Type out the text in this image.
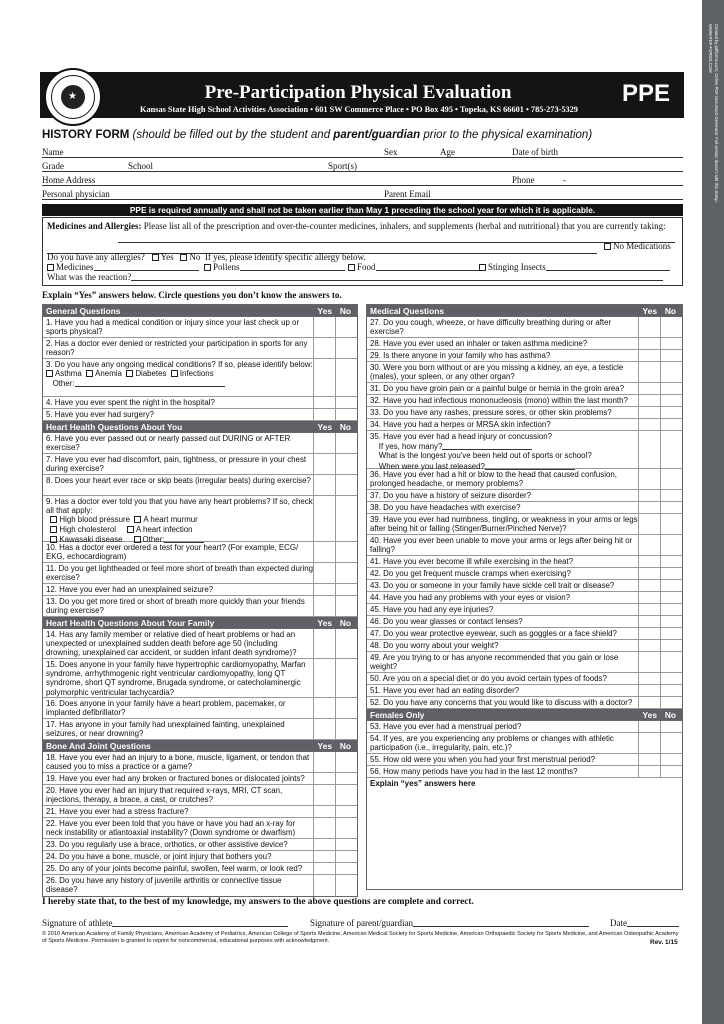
Created by pdfforms.com; Online PDF Document Generator. Full version doesn't add this stamp.
WWW.PDF-FORMS.COM
★	Pre-Participation Physical Evaluation
Kansas State High School Activities Association • 601 SW Commerce Place • PO Box 495 • Topeka, KS 66601 • 785-273-5329
PPE
HISTORY FORM (should be filled out by the student and parent/guardian prior to the physical examination)
Name	Sex	Age	Date of birth
Grade	School	Sport(s)
Home Address	Phone	-
Personal physician	Parent Email
PPE is required annually and shall not be taken earlier than May 1 preceding the school year for which it is applicable.
Medicines and Allergies: Please list all of the prescription and over-the-counter medicines, inhalers, and supplements (herbal and nutritional) that you are currently taking:
No Medications
Do you have any allergies? Yes No If yes, please identify specific allergy below.
Medicines	Pollens	Food	Stinging Insects
What was the reaction?
Explain “Yes” answers below. Circle questions you don’t know the answers to.
General Questions	Yes No
1. Have you had a medical condition or injury since your last check up or sports physical?
2. Has a doctor ever denied or restricted your participation in sports for any reason?
3. Do you have any ongoing medical conditions? If so, please identify below:
Asthma Anemia Diabetes Infections
Other:
4. Have you ever spent the night in the hospital?
5. Have you ever had surgery?
Heart Health Questions About You	Yes No
6. Have you ever passed out or nearly passed out DURING or AFTER exercise?
7. Have you ever had discomfort, pain, tightness, or pressure in your chest during exercise?
8. Does your heart ever race or skip beats (irregular beats) during exercise?
9. Has a doctor ever told you that you have any heart problems? If so, check all that apply:
High blood pressure A heart murmur
High cholesterol	A heart infection
Kawasaki disease	Other:
10. Has a doctor ever ordered a test for your heart? (For example, ECG/ EKG, echocardiogram)
11. Do you get lightheaded or feel more short of breath than expected during exercise?
12. Have you ever had an unexplained seizure?
13. Do you get more tired or short of breath more quickly than your friends during exercise?
Heart Health Questions About Your Family	Yes No
14. Has any family member or relative died of heart problems or had an unexpected or unexplained sudden death before age 50 (including drowning, unexplained car accident, or sudden infant death syndrome)?
15. Does anyone in your family have hypertrophic cardiomyopathy, Marfan syndrome, arrhythmogenic right ventricular cardiomyopathy, long QT syndrome, short QT syndrome, Brugada syndrome, or catecholaminergic polymorphic ventricular tachycardia?
16. Does anyone in your family have a heart problem, pacemaker, or implanted defibrillator?
17. Has anyone in your family had unexplained fainting, unexplained seizures, or near drowning?
Bone And Joint Questions	Yes No
18. Have you ever had an injury to a bone, muscle, ligament, or tendon that caused you to miss a practice or a game?
19. Have you ever had any broken or fractured bones or dislocated joints?
20. Have you ever had an injury that required x-rays, MRI, CT scan, injections, therapy, a brace, a cast, or crutches?
21. Have you ever had a stress fracture?
22. Have you ever been told that you have or have you had an x-ray for neck instability or atlantoaxial instability? (Down syndrome or dwarfism)
23. Do you regularly use a brace, orthotics, or other assistive device?
24. Do you have a bone, muscle, or joint injury that bothers you?
25. Do any of your joints become painful, swollen, feel warm, or look red?
26. Do you have any history of juvenile arthritis or connective tissue disease?
Medical Questions	Yes No
27. Do you cough, wheeze, or have difficulty breathing during or after exercise?
28. Have you ever used an inhaler or taken asthma medicine?
29. Is there anyone in your family who has asthma?
30. Were you born without or are you missing a kidney, an eye, a testicle (males), your spleen, or any other organ?
31. Do you have groin pain or a painful bulge or hernia in the groin area?
32. Have you had infectious mononucleosis (mono) within the last month?
33. Do you have any rashes, pressure sores, or other skin problems?
34. Have you had a herpes or MRSA skin infection?
35. Have you ever had a head injury or concussion?
If yes, how many?
What is the longest you've been held out of sports or school?
When were you last released?
36. Have you ever had a hit or blow to the head that caused confusion, prolonged headache, or memory problems?
37. Do you have a history of seizure disorder?
38. Do you have headaches with exercise?
39. Have you ever had numbness, tingling, or weakness in your arms or legs after being hit or falling (Stinger/Burner/Pinched Nerve)?
40. Have you ever been unable to move your arms or legs after being hit or falling?
41. Have you ever become ill while exercising in the heat?
42. Do you get frequent muscle cramps when exercising?
43. Do you or someone in your family have sickle cell trait or disease?
44. Have you had any problems with your eyes or vision?
45. Have you had any eye injuries?
46. Do you wear glasses or contact lenses?
47. Do you wear protective eyewear, such as goggles or a face shield?
48. Do you worry about your weight?
49. Are you trying to or has anyone recommended that you gain or lose weight?
50. Are you on a special diet or do you avoid certain types of foods?
51. Have you ever had an eating disorder?
52. Do you have any concerns that you would like to discuss with a doctor?
Females Only	Yes No
53. Have you ever had a menstrual period?
54. If yes, are you experiencing any problems or changes with athletic participation (i.e., irregularity, pain, etc.)?
55. How old were you when you had your first menstrual period?
56. How many periods have you had in the last 12 months?
Explain “yes” answers here
I hereby state that, to the best of my knowledge, my answers to the above questions are complete and correct.
Signature of athlete	Signature of parent/guardian	Date
© 2010 American Academy of Family Physicians, American Academy of Pediatrics, American College of Sports Medicine, American Medical Society for Sports Medicine, American Orthopaedic Society for Sports Medicine, and American Osteopathic Academy of Sports Medicine. Permission is granted to reprint for noncommercial, educational purposes with acknowledgment.	Rev. 1/15
